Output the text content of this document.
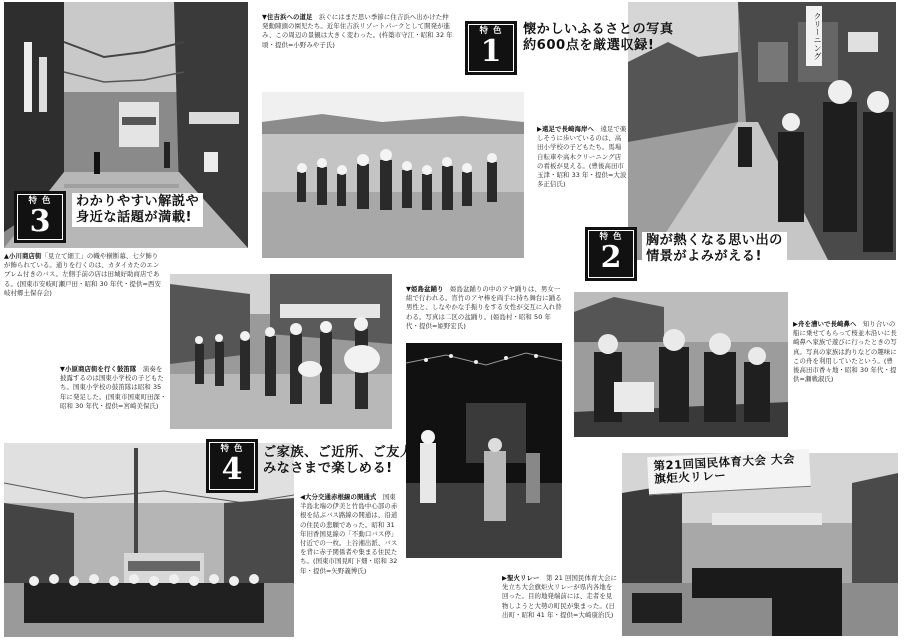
第21回国民体育大会 大会旗炬火リレー
特 色
1
懐かしいふるさとの写真
約600点を厳選収録!
特 色
2	胸が熱くなる思い出の
情景がよみがえる!
特 色
3
わかりやすい解説や
身近な話題が満載!
特 色
4	ご家族、ご近所、ご友人
みなさまで楽しめる!
▼住吉浜への道足　浜ぐにはまだ思い季節に住吉浜へ出かけた仲発動陳頭の園児たち。近年住吉浜リゾートパークとして開発が進み、この周辺の景観は大きく変わった。(杵築市守江・昭和 32 年頃・提供=小野みや子氏)
▶遠足で長崎海岸へ　遠足で楽しそうに歩いているのは、高田小学校の子どもたち。馬場自転車や高木クリーニング店の看板が見える。(豊後高田市玉津・昭和 33 年・提供=大波多正信氏)
▲小川商店街「見立て細工」の幟や横断幕、七夕飾りが飾られている。通りを行くのは、カタイカたのエンブレム付きのバス。左側手前の店は田城好助商店である。(国東市安岐町瀬戸田・昭和 30 年代・提供=西安岐村郷土保存会)
▼小原商店街を行く鼓笛隊　演奏を披露するのは国東小学校の子どもたち。国東小学校の鼓笛隊は昭和 35 年に発足した。(国東市国東町田深・昭和 30 年代・提供=宮崎美保氏)
▼姫島盆踊り　姫島盆踊りの中のアヤ踊りは、男女一組で行われる。宵竹のアヤ棒を両手に持ち舞台に踊る男性と、しなやかな手振りをする女性が交互に入れ替わる。写真は二区の盆踊り。(姫島村・昭和 50 年代・提供=姫野宏氏)	▶舟を漕いで長崎鼻へ　知り合いの船に乗せてもらって桜並木沿いに長崎鼻へ家族で遊びに行ったときの写真。写真の家族は釣りなどの趣味にこの舟を利用していたという。(豊後高田市香々地・昭和 30 年代・提供=瀬戦淑氏)
◀大分交通赤根線の開通式　国東半島北端の伊美と竹島中心部の赤根を結ぶバス路線の開通は、沿道の住民の悲願であった。昭和 31 年旧香国見線の「不動口バス停」付近での一枚。上谷湘出派、バスを背に赤子関係者や集まる住民たち。(国東市国見町下畑・昭和 32 年・提供=矢野義博氏)
▶聖火リレー　第 21 回国民体育大会に先立ち大会旗炬火リレーが県内各地を回った。目的地発端前には、走者を見物しようと大勢の町民が集まった。(日出町・昭和 41 年・提供=大崎康治氏)
クリーニング
